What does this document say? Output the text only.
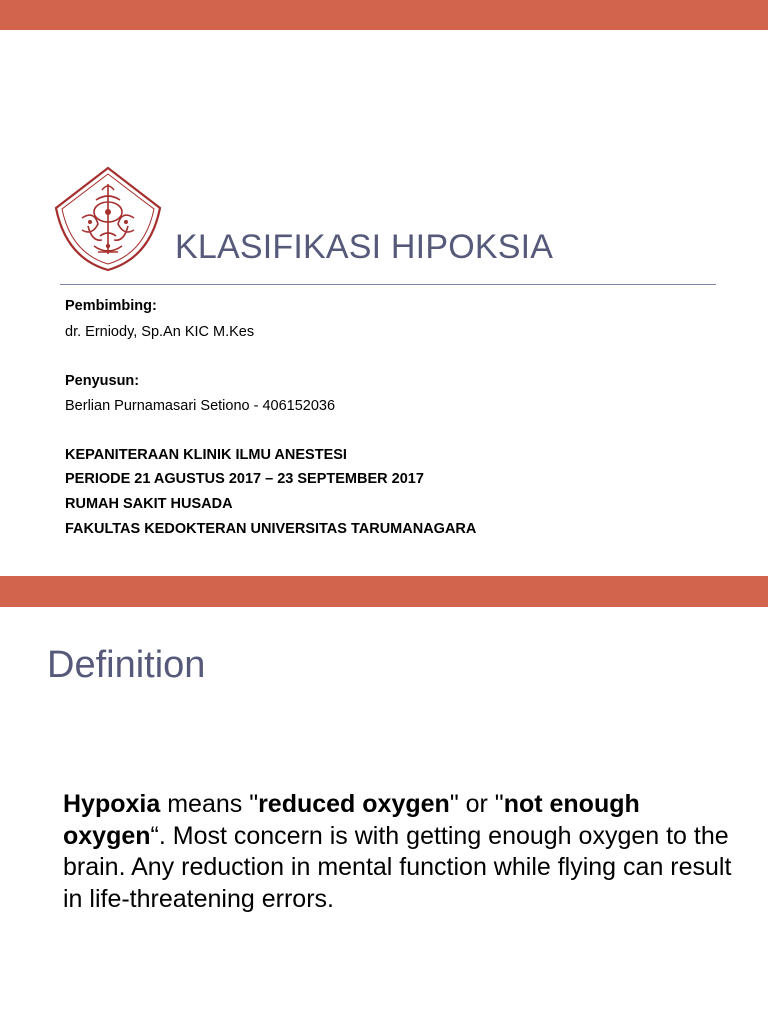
KLASIFIKASI HIPOKSIA
Pembimbing:
dr. Erniody, Sp.An KIC M.Kes
Penyusun:
Berlian Purnamasari Setiono - 406152036
KEPANITERAAN KLINIK ILMU ANESTESI
PERIODE 21 AGUSTUS 2017 – 23 SEPTEMBER 2017
RUMAH SAKIT HUSADA
FAKULTAS KEDOKTERAN UNIVERSITAS TARUMANAGARA
Definition
Hypoxia means "reduced oxygen" or "not enough oxygen“. Most concern is with getting enough oxygen to the brain. Any reduction in mental function while flying can result in life-threatening errors.
